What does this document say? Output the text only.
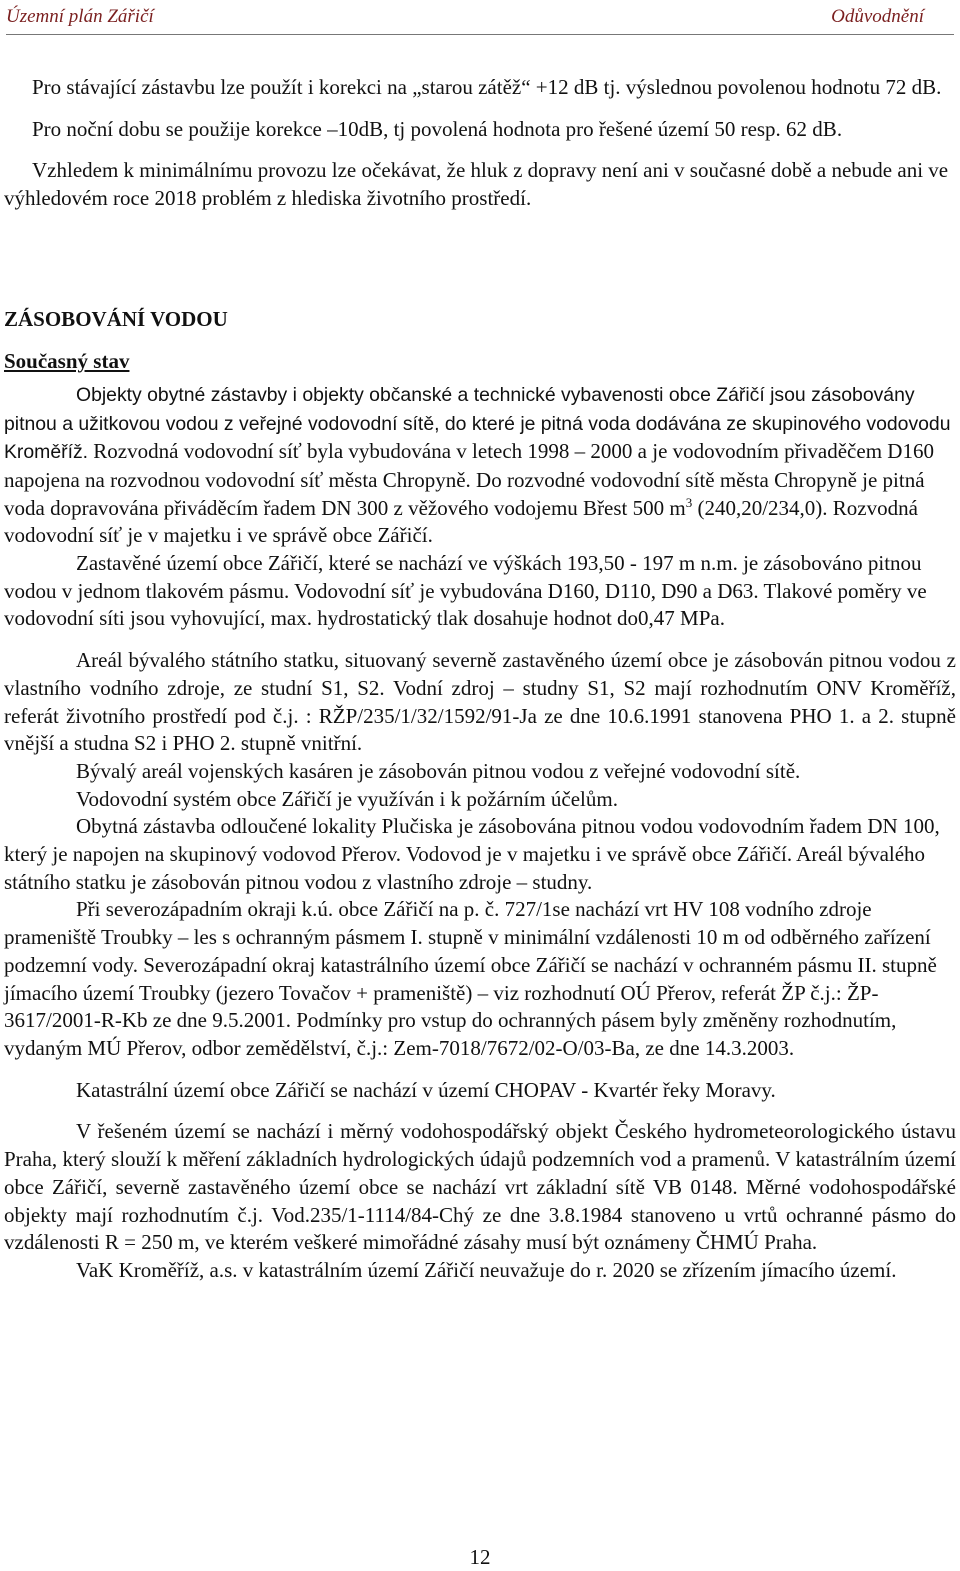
Územní plán Zářičí	Odůvodnění

Pro stávající zástavbu lze použít i korekci na „starou zátěž“ +12 dB tj. výslednou povolenou hodnotu 72 dB.

Pro noční dobu se použije korekce –10dB, tj povolená hodnota pro řešené území 50 resp. 62 dB.

Vzhledem k minimálnímu provozu lze očekávat, že hluk z dopravy není ani v současné době a nebude ani ve výhledovém roce 2018 problém z hlediska životního prostředí.

ZÁSOBOVÁNÍ VODOU
Současný stav

Objekty obytné zástavby i objekty občanské a technické vybavenosti obce Zářičí jsou zásobovány pitnou a užitkovou vodou z veřejné vodovodní sítě, do které je pitná voda dodávána ze skupinového vodovodu Kroměříž. Rozvodná vodovodní síť byla vybudována v letech 1998 – 2000 a je vodovodním přivaděčem D160 napojena na rozvodnou vodovodní síť města Chropyně. Do rozvodné vodovodní sítě města Chropyně je pitná voda dopravována přiváděcím řadem DN 300 z věžového vodojemu Břest 500 $m^3$ (240,20/234,0). Rozvodná vodovodní síť je v majetku i ve správě obce Zářičí.

Zastavěné území obce Zářičí, které se nachází ve výškách 193,50 - 197 m n.m. je zásobováno pitnou vodou v jednom tlakovém pásmu. Vodovodní síť je vybudována D160, D110, D90 a D63. Tlakové poměry ve vodovodní síti jsou vyhovující, max. hydrostatický tlak dosahuje hodnot do0,47 MPa.

Areál bývalého státního statku, situovaný severně zastavěného území obce je zásobován pitnou vodou z vlastního vodního zdroje, ze studní S1, S2. Vodní zdroj – studny S1, S2 mají rozhodnutím ONV Kroměříž, referát životního prostředí pod č.j. : RŽP/235/1/32/1592/91-Ja ze dne 10.6.1991 stanovena PHO 1. a 2. stupně vnější a studna S2 i PHO 2. stupně vnitřní.

Bývalý areál vojenských kasáren je zásobován pitnou vodou z veřejné vodovodní sítě.

Vodovodní systém obce Zářičí je využíván i k požárním účelům.

Obytná zástavba odloučené lokality Plučiska je zásobována pitnou vodou vodovodním řadem DN 100, který je napojen na skupinový vodovod Přerov. Vodovod je v majetku i ve správě obce Zářičí. Areál bývalého státního statku je zásobován pitnou vodou z vlastního zdroje – studny.

Při severozápadním okraji k.ú. obce Zářičí na p. č. 727/1se nachází vrt HV 108 vodního zdroje prameniště Troubky – les s ochranným pásmem I. stupně v minimální vzdálenosti 10 m od odběrného zařízení podzemní vody. Severozápadní okraj katastrálního území obce Zářičí se nachází v ochranném pásmu II. stupně jímacího území Troubky (jezero Tovačov + prameniště) – viz rozhodnutí OÚ Přerov, referát ŽP č.j.: ŽP-3617/2001-R-Kb ze dne 9.5.2001. Podmínky pro vstup do ochranných pásem byly změněny rozhodnutím, vydaným MÚ Přerov, odbor zemědělství, č.j.: Zem-7018/7672/02-O/03-Ba, ze dne 14.3.2003.

Katastrální území obce Zářičí se nachází v území CHOPAV - Kvartér řeky Moravy.

V řešeném území se nachází i měrný vodohospodářský objekt Českého hydrometeorologického ústavu Praha, který slouží k měření základních hydrologických údajů podzemních vod a pramenů. V katastrálním území obce Zářičí, severně zastavěného území obce se nachází vrt základní sítě VB 0148. Měrné vodohospodářské objekty mají rozhodnutím č.j. Vod.235/1-1114/84-Chý ze dne 3.8.1984 stanoveno u vrtů ochranné pásmo do vzdálenosti R = 250 m, ve kterém veškeré mimořádné zásahy musí být oznámeny ČHMÚ Praha.

VaK Kroměříž, a.s. v katastrálním území Zářičí neuvažuje do r. 2020 se zřízením jímacího území.

12
